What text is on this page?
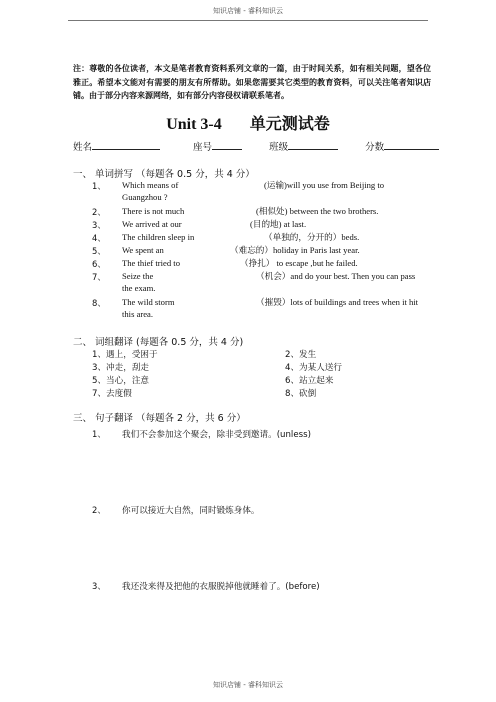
知识店铺 - 睿科知识云
注：尊敬的各位读者，本文是笔者教育资料系列文章的一篇，由于时间关系，如有相关问题，望各位雅正。希望本文能对有需要的朋友有所帮助。如果您需要其它类型的教育资料，可以关注笔者知识店铺。由于部分内容来源网络，如有部分内容侵权请联系笔者。
Unit 3-4 单元测试卷
姓名	座号	班级	分数
一、 单词拼写 （每题各 0.5 分，共 4 分）
1、 Which means of	(运输)will you use from Beijing to
Guangzhou ?
2、 There is not much	(相似处) between the two brothers.
3、 We arrived at our	(目的地) at last.
4、 The children sleep in	（单独的，分开的）beds.
5、 We spent an	（难忘的）holiday in Paris last year.
6、 The thief tried to	（挣扎） to escape ,but he failed.
7、 Seize the	（机会）and do your best. Then you can pass
the exam.
8、 The wild storm	（摧毁）lots of buildings and trees when it hit
this area.
二、 词组翻译 (每题各 0.5 分，共 4 分)
1、遇上，受困于	2、发生
3、冲走，刮走	4、为某人送行
5、当心，注意	6、站立起来
7、去度假	8、砍倒
三、 句子翻译 （每题各 2 分，共 6 分）
1、 我们不会参加这个聚会，除非受到邀请。(unless)
2、 你可以接近大自然，同时锻炼身体。
3、 我还没来得及把他的衣服脱掉他就睡着了。(before)
知识店铺 - 睿科知识云
